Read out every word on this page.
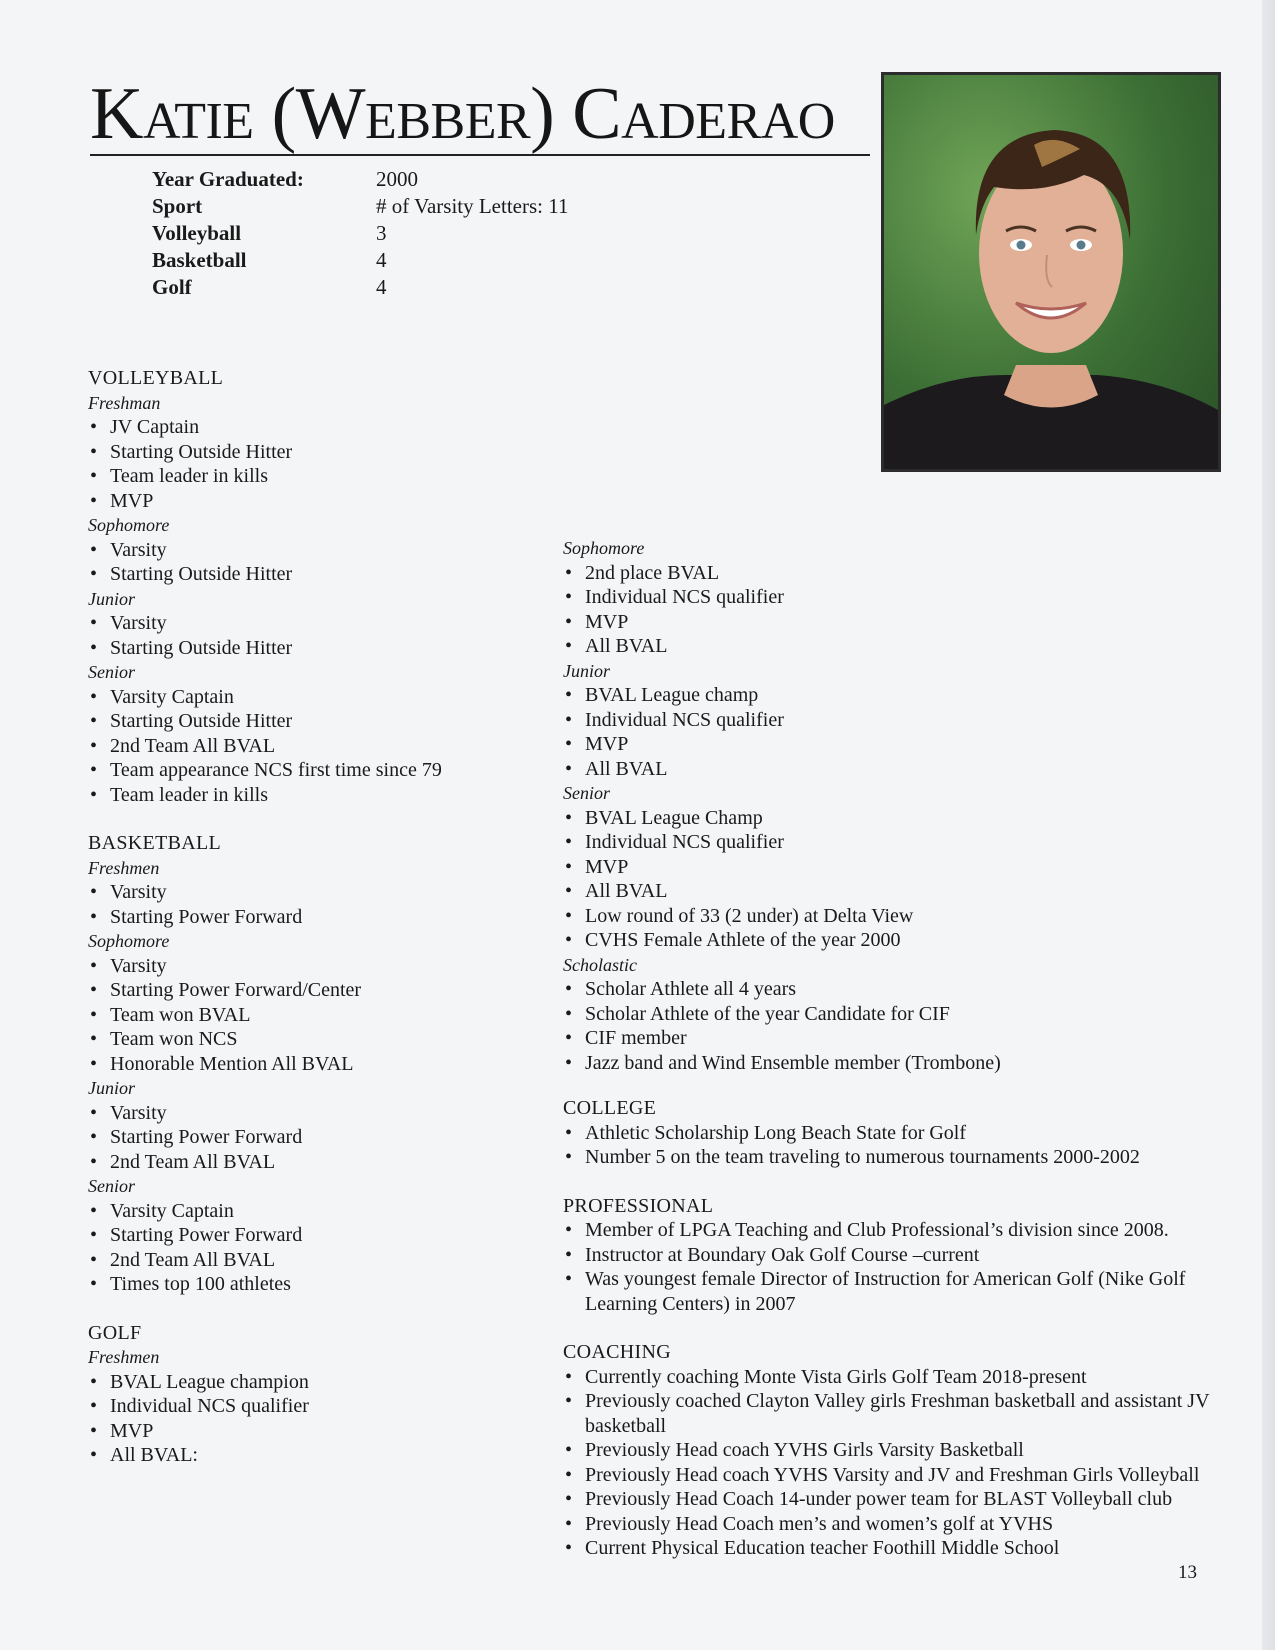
Katie (Webber) Caderao
Year Graduated:	2000
Sport	# of Varsity Letters: 11
Volleyball	3
Basketball	4
Golf	4
VOLLEYBALL
Freshman
• JV Captain
• Starting Outside Hitter
• Team leader in kills
• MVP
Sophomore
• Varsity
• Starting Outside Hitter
Junior
• Varsity
• Starting Outside Hitter
Senior
• Varsity Captain
• Starting Outside Hitter
• 2nd Team All BVAL
• Team appearance NCS first time since 79
• Team leader in kills
BASKETBALL
Freshmen
• Varsity
• Starting Power Forward
Sophomore
• Varsity
• Starting Power Forward/Center
• Team won BVAL
• Team won NCS
• Honorable Mention All BVAL
Junior
• Varsity
• Starting Power Forward
• 2nd Team All BVAL
Senior
• Varsity Captain
• Starting Power Forward
• 2nd Team All BVAL
• Times top 100 athletes
GOLF
Freshmen
• BVAL League champion
• Individual NCS qualifier
• MVP
• All BVAL:
Sophomore
• 2nd place BVAL
• Individual NCS qualifier
• MVP
• All BVAL
Junior
• BVAL League champ
• Individual NCS qualifier
• MVP
• All BVAL
Senior
• BVAL League Champ
• Individual NCS qualifier
• MVP
• All BVAL
• Low round of 33 (2 under) at Delta View
• CVHS Female Athlete of the year 2000
Scholastic
• Scholar Athlete all 4 years
• Scholar Athlete of the year Candidate for CIF
• CIF member
• Jazz band and Wind Ensemble member (Trombone)
COLLEGE
• Athletic Scholarship Long Beach State for Golf
• Number 5 on the team traveling to numerous tournaments 2000-2002
PROFESSIONAL
• Member of LPGA Teaching and Club Professional’s division since 2008.
• Instructor at Boundary Oak Golf Course –current
• Was youngest female Director of Instruction for American Golf (Nike Golf Learning Centers) in 2007
COACHING
• Currently coaching Monte Vista Girls Golf Team 2018-present
• Previously coached Clayton Valley girls Freshman basketball and assistant JV basketball
• Previously Head coach YVHS Girls Varsity Basketball
• Previously Head coach YVHS Varsity and JV and Freshman Girls Volleyball
• Previously Head Coach 14-under power team for BLAST Volleyball club
• Previously Head Coach men’s and women’s golf at YVHS
• Current Physical Education teacher Foothill Middle School
13
